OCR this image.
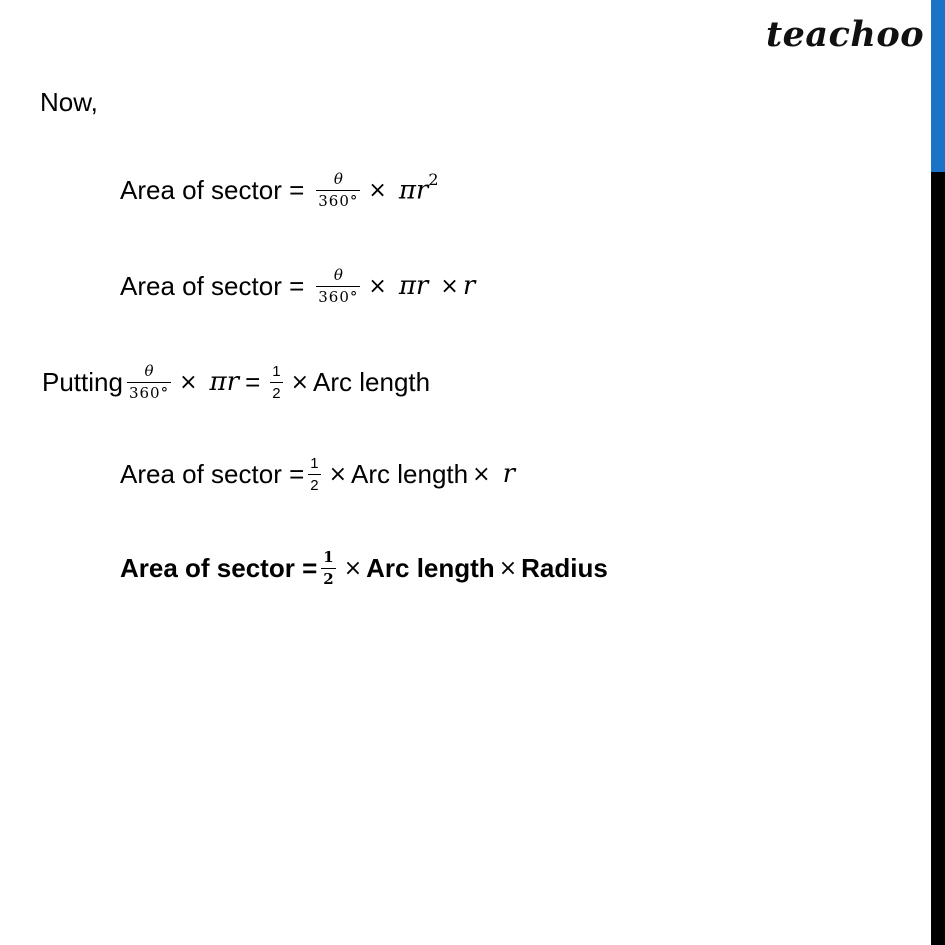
teachoo
Now,
Area of sector = $\frac{\theta}{360^\circ} \times \pi r^2$
Area of sector = $\frac{\theta}{360^\circ} \times \pi r \times r$
Putting $\frac{\theta}{360^\circ} \times \pi r = \frac{1}{2}$ × Arc length
Area of sector = $\frac{1}{2}$ × Arc length × r
Area of sector = $\frac{1}{2}$ × Arc length × Radius
